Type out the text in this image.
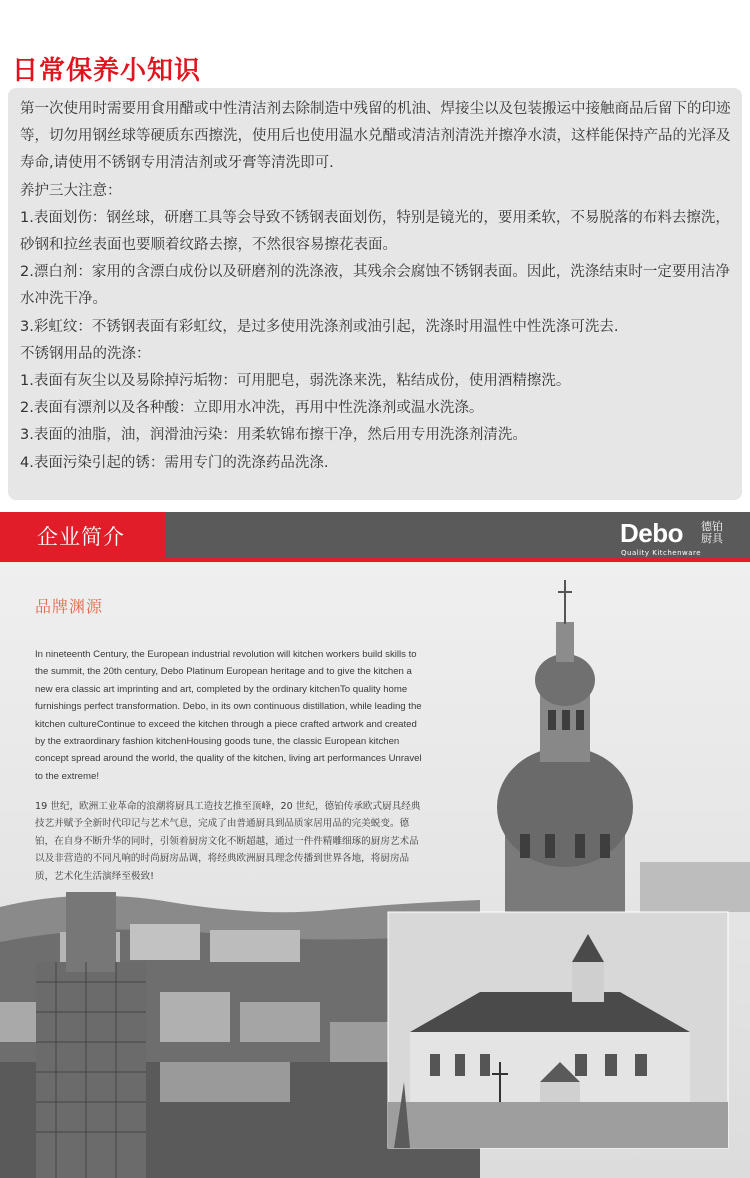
日常保养小知识

第一次使用时需要用食用醋或中性清洁剂去除制造中残留的机油、焊接尘以及包装搬运中接触商品后留下的印迹等，切勿用钢丝球等硬质东西擦洗，使用后也使用温水兑醋或清洁剂清洗并擦净水渍，这样能保持产品的光泽及寿命,请使用不锈钢专用清洁剂或牙膏等清洗即可.

养护三大注意：

1.表面划伤：钢丝球，研磨工具等会导致不锈钢表面划伤，特别是镜光的，要用柔软，不易脱落的布料去擦洗，砂钢和拉丝表面也要顺着纹路去擦，不然很容易擦花表面。

2.漂白剂：家用的含漂白成份以及研磨剂的洗涤液，其残余会腐蚀不锈钢表面。因此，洗涤结束时一定要用洁净水冲洗干净。

3.彩虹纹：不锈钢表面有彩虹纹，是过多使用洗涤剂或油引起，洗涤时用温性中性洗涤可洗去.

不锈钢用品的洗涤：

1.表面有灰尘以及易除掉污垢物：可用肥皂，弱洗涤来洗，粘结成份，使用酒精擦洗。

2.表面有漂剂以及各种酸：立即用水冲洗，再用中性洗涤剂或温水洗涤。

3.表面的油脂，油，润滑油污染：用柔软锦布擦干净，然后用专用洗涤剂清洗。

4.表面污染引起的锈：需用专门的洗涤药品洗涤.

企业简介	Debo 德铂厨具
Quality Kitchenware
品牌渊源
In nineteenth Century, the European industrial revolution will kitchen workers build skills to the summit, the 20th century, Debo Platinum European heritage and to give the kitchen a new era classic art imprinting and art, completed by the ordinary kitchenTo quality home furnishings perfect transformation. Debo, in its own continuous distillation, while leading the kitchen cultureContinue to exceed the kitchen through a piece crafted artwork and created by the extraordinary fashion kitchenHousing goods tune, the classic European kitchen concept spread around the world, the quality of the kitchen, living art performances Unravel to the extreme!
19 世纪，欧洲工业革命的浪潮将厨具工造技艺推至顶峰，20 世纪，德铂传承欧式厨具经典技艺并赋予全新时代印记与艺术气息，完成了由普通厨具到品质家居用品的完美蜕变。德铂，在自身不断升华的同时，引领着厨房文化不断超越，通过一件件精雕细琢的厨房艺术品以及非营造的不同凡响的时尚厨房品调，将经典欧洲厨具理念传播到世界各地，将厨房品质，艺术化生活演绎至极致!
